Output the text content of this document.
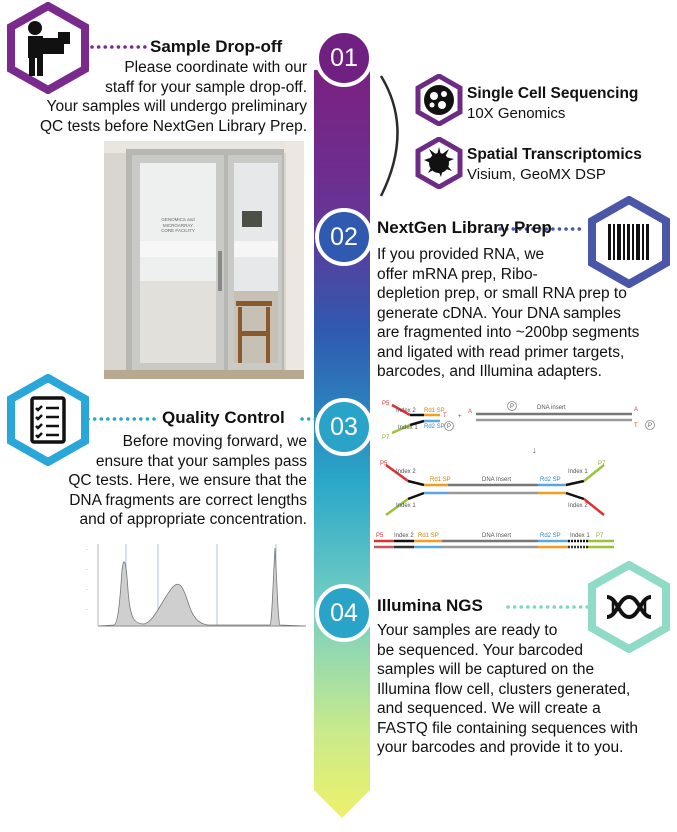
01
02
03
04
Sample Drop-off
Please coordinate with our
staff for your sample drop-off.
Your samples will undergo preliminary
QC tests before NextGen Library Prep.
GENOMICS and
MICROARRAY
CORE FACILITY
Single Cell Sequencing
10X Genomics
Spatial Transcriptomics
Visium, GeoMX DSP
NextGen Library Prep
If you provided RNA, we
offer mRNA prep, Ribo-
depletion prep, or small RNA prep to
generate cDNA. Your DNA samples
are fragmented into ~200bp segments
and ligated with read primer targets,
barcodes, and Illumina adapters.
P5
Index 2 Rd1 SP
Index 1 Rd2 SP
P7
T
P
+
P
A
DNA insert	A
T P
↓
P5
Index 2
Rd1 SP	DNA Insert	Rd2 SP
Index 1
P7
Index 1	Index 2
P5 Index 2 Rd1 SP	DNA Insert	Rd2 SP Index 1 P7
Quality Control
Before moving forward, we
ensure that your samples pass
QC tests. Here, we ensure that the
DNA fragments are correct lengths
and of appropriate concentration.
–
–
–
–	Illumina NGS
Your samples are ready to
be sequenced. Your barcoded
samples will be captured on the
Illumina flow cell, clusters generated,
and sequenced. We will create a
FASTQ file containing sequences with
your barcodes and provide it to you.
